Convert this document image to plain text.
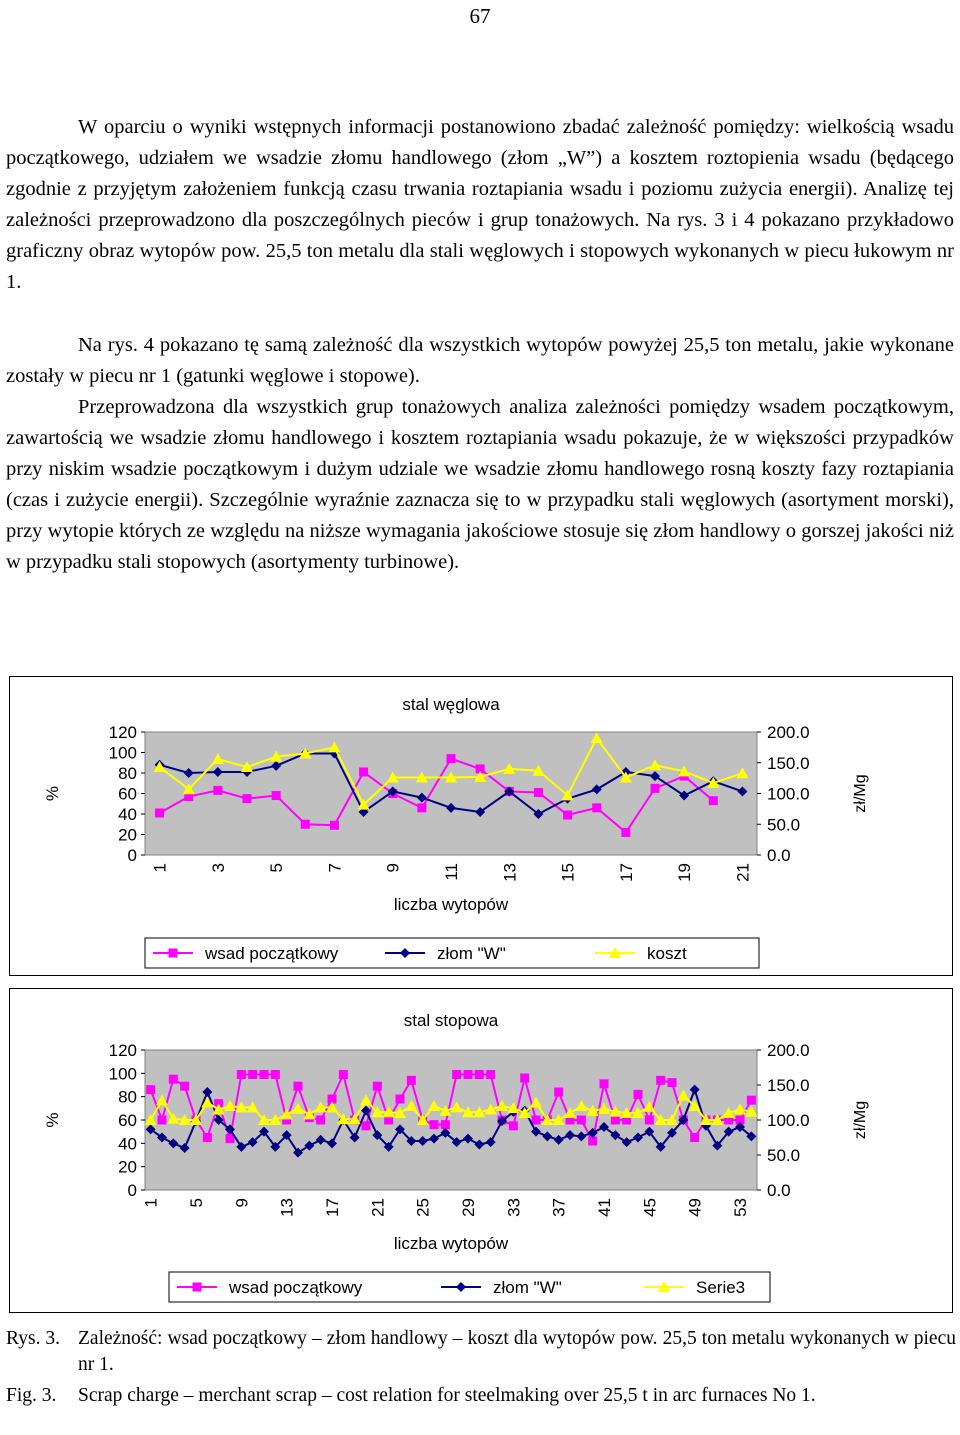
67

W oparciu o wyniki wstępnych informacji postanowiono zbadać zależność pomiędzy: wielkością wsadu początkowego, udziałem we wsadzie złomu handlowego (złom „W”) a kosztem roztopienia wsadu (będącego zgodnie z przyjętym założeniem funkcją czasu trwania roztapiania wsadu i poziomu zużycia energii). Analizę tej zależności przeprowadzono dla poszczególnych pieców i grup tonażowych. Na rys. 3 i 4 pokazano przykładowo graficzny obraz wytopów pow. 25,5 ton metalu dla stali węglowych i stopowych wykonanych w piecu łukowym nr 1.

Na rys. 4 pokazano tę samą zależność dla wszystkich wytopów powyżej 25,5 ton metalu, jakie wykonane zostały w piecu nr 1 (gatunki węglowe i stopowe).

Przeprowadzona dla wszystkich grup tonażowych analiza zależności pomiędzy wsadem początkowym, zawartością we wsadzie złomu handlowego i kosztem roztapiania wsadu pokazuje, że w większości przypadków przy niskim wsadzie początkowym i dużym udziale we wsadzie złomu handlowego rosną koszty fazy roztapiania (czas i zużycie energii). Szczególnie wyraźnie zaznacza się to w przypadku stali węglowych (asortyment morski), przy wytopie których ze względu na niższe wymagania jakościowe stosuje się złom handlowy o gorszej jakości niż w przypadku stali stopowych (asortymenty turbinowe).

stal węglowa
0
20
40
60
80
100
120
0.0
50.0
100.0
150.0
200.0
%	zł/Mg
1 3 5 7 9 11 13 15 17 19 21
liczba wytopów
wsad początkowy	złom "W"	koszt
stal stopowa
0
20
40
60
80
100
120
0.0
50.0
100.0
150.0
200.0
%	zł/Mg
1 5 9 13 17 21 25 29 33 37 41 45 49 53
liczba wytopów
wsad początkowy	złom "W"	Serie3
Rys. 3. Zależność: wsad początkowy – złom handlowy – koszt dla wytopów pow. 25,5 ton metalu wykonanych w piecu nr 1.
Fig. 3.	Scrap charge – merchant scrap – cost relation for steelmaking over 25,5 t in arc furnaces No 1.
